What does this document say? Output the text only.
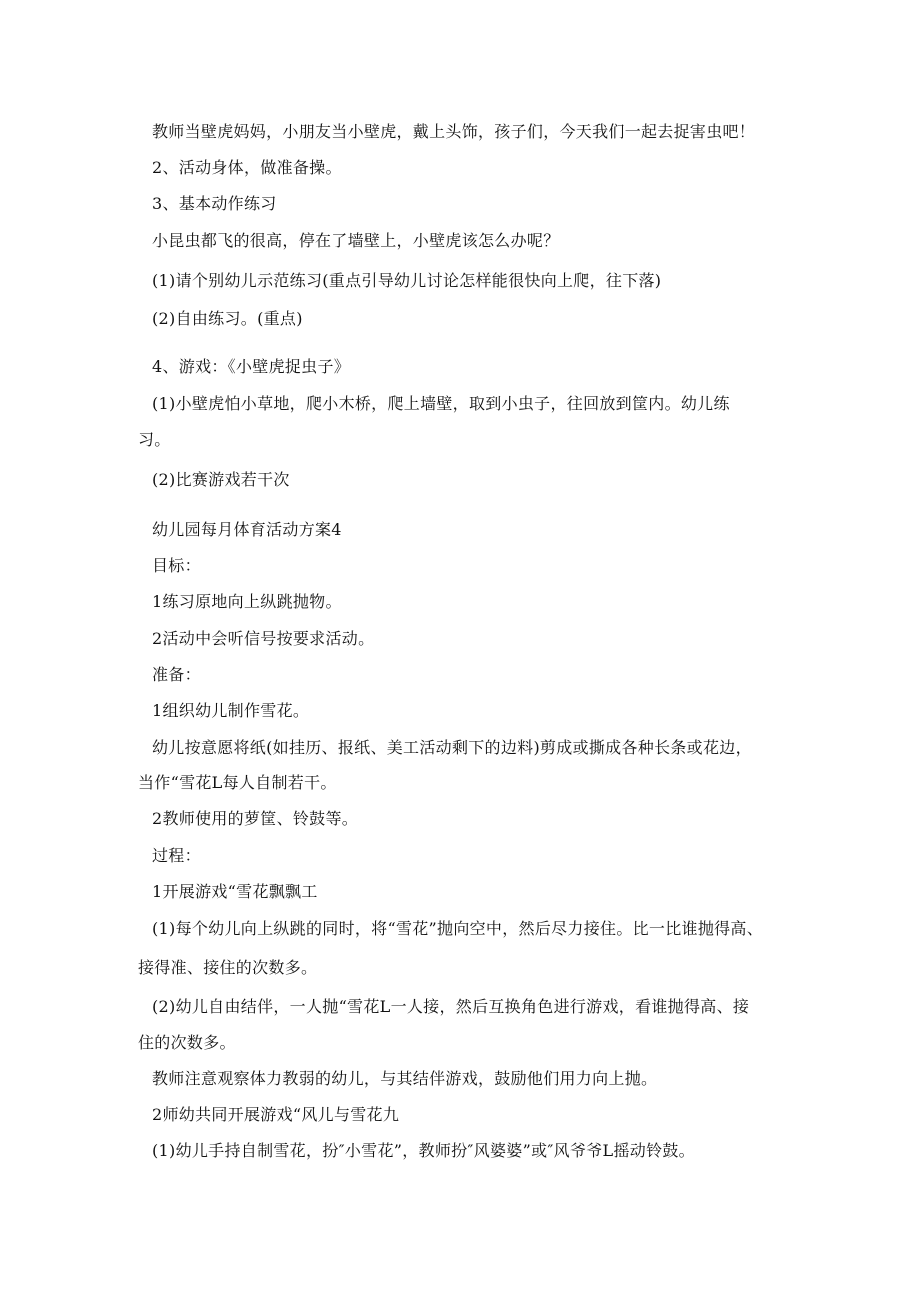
教师当壁虎妈妈，小朋友当小壁虎，戴上头饰，孩子们，今天我们一起去捉害虫吧！
2、活动身体，做准备操。
3、基本动作练习
小昆虫都飞的很高，停在了墙壁上，小壁虎该怎么办呢？
(1)请个别幼儿示范练习(重点引导幼儿讨论怎样能很快向上爬，往下落)
(2)自由练习。(重点)
4、游戏：《小壁虎捉虫子》
(1)小壁虎怕小草地，爬小木桥，爬上墙壁，取到小虫子，往回放到筐内。幼儿练
习。
(2)比赛游戏若干次
幼儿园每月体育活动方案4
目标：
1练习原地向上纵跳抛物。
2活动中会听信号按要求活动。
准备：
1组织幼儿制作雪花。
幼儿按意愿将纸(如挂历、报纸、美工活动剩下的边料)剪成或撕成各种长条或花边，
当作“雪花L每人自制若干。
2教师使用的萝筐、铃鼓等。
过程：
1开展游戏“雪花飘飘工
(1)每个幼儿向上纵跳的同时，将“雪花”抛向空中，然后尽力接住。比一比谁抛得高、
接得准、接住的次数多。
(2)幼儿自由结伴，一人抛“雪花L一人接，然后互换角色进行游戏，看谁抛得高、接
住的次数多。
教师注意观察体力教弱的幼儿，与其结伴游戏，鼓励他们用力向上抛。
2师幼共同开展游戏“风儿与雪花九
(1)幼儿手持自制雪花，扮″小雪花”，教师扮″风婆婆”或″风爷爷L摇动铃鼓。
